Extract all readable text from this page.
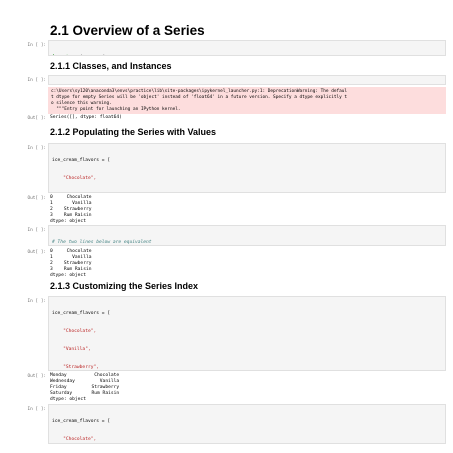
2.1 Overview of a Series
In [ ]:

2.1.1 Classes, and Instances
In [ ]:

c:\Users\sy120\anaconda3\envs\practice\lib\site-packages\ipykernel_launcher.py:1: DeprecationWarning: The defaul
t dtype for empty Series will be 'object' instead of 'float64' in a future version. Specify a dtype explicitly t
o silence this warning.
"""Entry point for launching an IPython kernel.
Out[ ]: Series([], dtype: float64)
2.1.2 Populating the Series with Values
In [ ]:

ice_cream_flavors = [

"Chocolate",

Out[ ]: 0     Chocolate
1       Vanilla
2    Strawberry
3    Rum Raisin
dtype: object
In [ ]:

# The two lines below are equivalent

Out[ ]: 0     Chocolate
1       Vanilla
2    Strawberry
3    Rum Raisin
dtype: object
2.1.3 Customizing the Series Index
In [ ]:

ice_cream_flavors = [

"Chocolate",

"Vanilla",

"Strawberry",

Out[ ]: Monday          Chocolate
Wednesday         Vanilla
Friday         Strawberry
Saturday       Rum Raisin
dtype: object
In [ ]:

ice_cream_flavors = [

"Chocolate",
